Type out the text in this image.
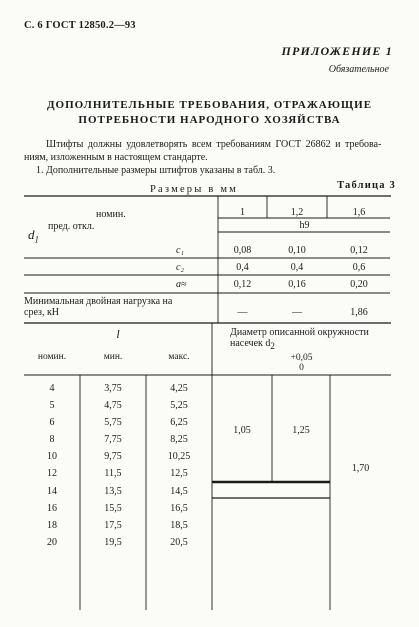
С. 6 ГОСТ 12850.2—93
ПРИЛОЖЕНИЕ 1
Обязательное
ДОПОЛНИТЕЛЬНЫЕ ТРЕБОВАНИЯ, ОТРАЖАЮЩИЕ
ПОТРЕБНОСТИ НАРОДНОГО ХОЗЯЙСТВА
Штифты должны удовлетворять всем требованиям ГОСТ 26862 и требова-
ниям, изложенным в настоящем стандарте.
1. Дополнительные размеры штифтов указаны в табл. 3.
Таблица 3
Размеры в мм
$d_1$
номин.
пред. откл.
1	1,2	1,6
h9
c₁	0,08	0,10	0,12
c₂	0,4	0,4	0,6
a≈	0,12	0,16	0,20
Минимальная двойная нагрузка на
срез, кН	—	—	1,86
l
номин.	мин.	макс.
Диаметр описанной окружности
насечек $d_2$
+0,05
0
4	3,75	4,25
5	4,75	5,25
6	5,75	6,25
8	7,75	8,25
10	9,75	10,25
12	11,5	12,5
14	13,5	14,5
16	15,5	16,5
18	17,5	18,5
20	19,5	20,5
1,05	1,25
1,70
